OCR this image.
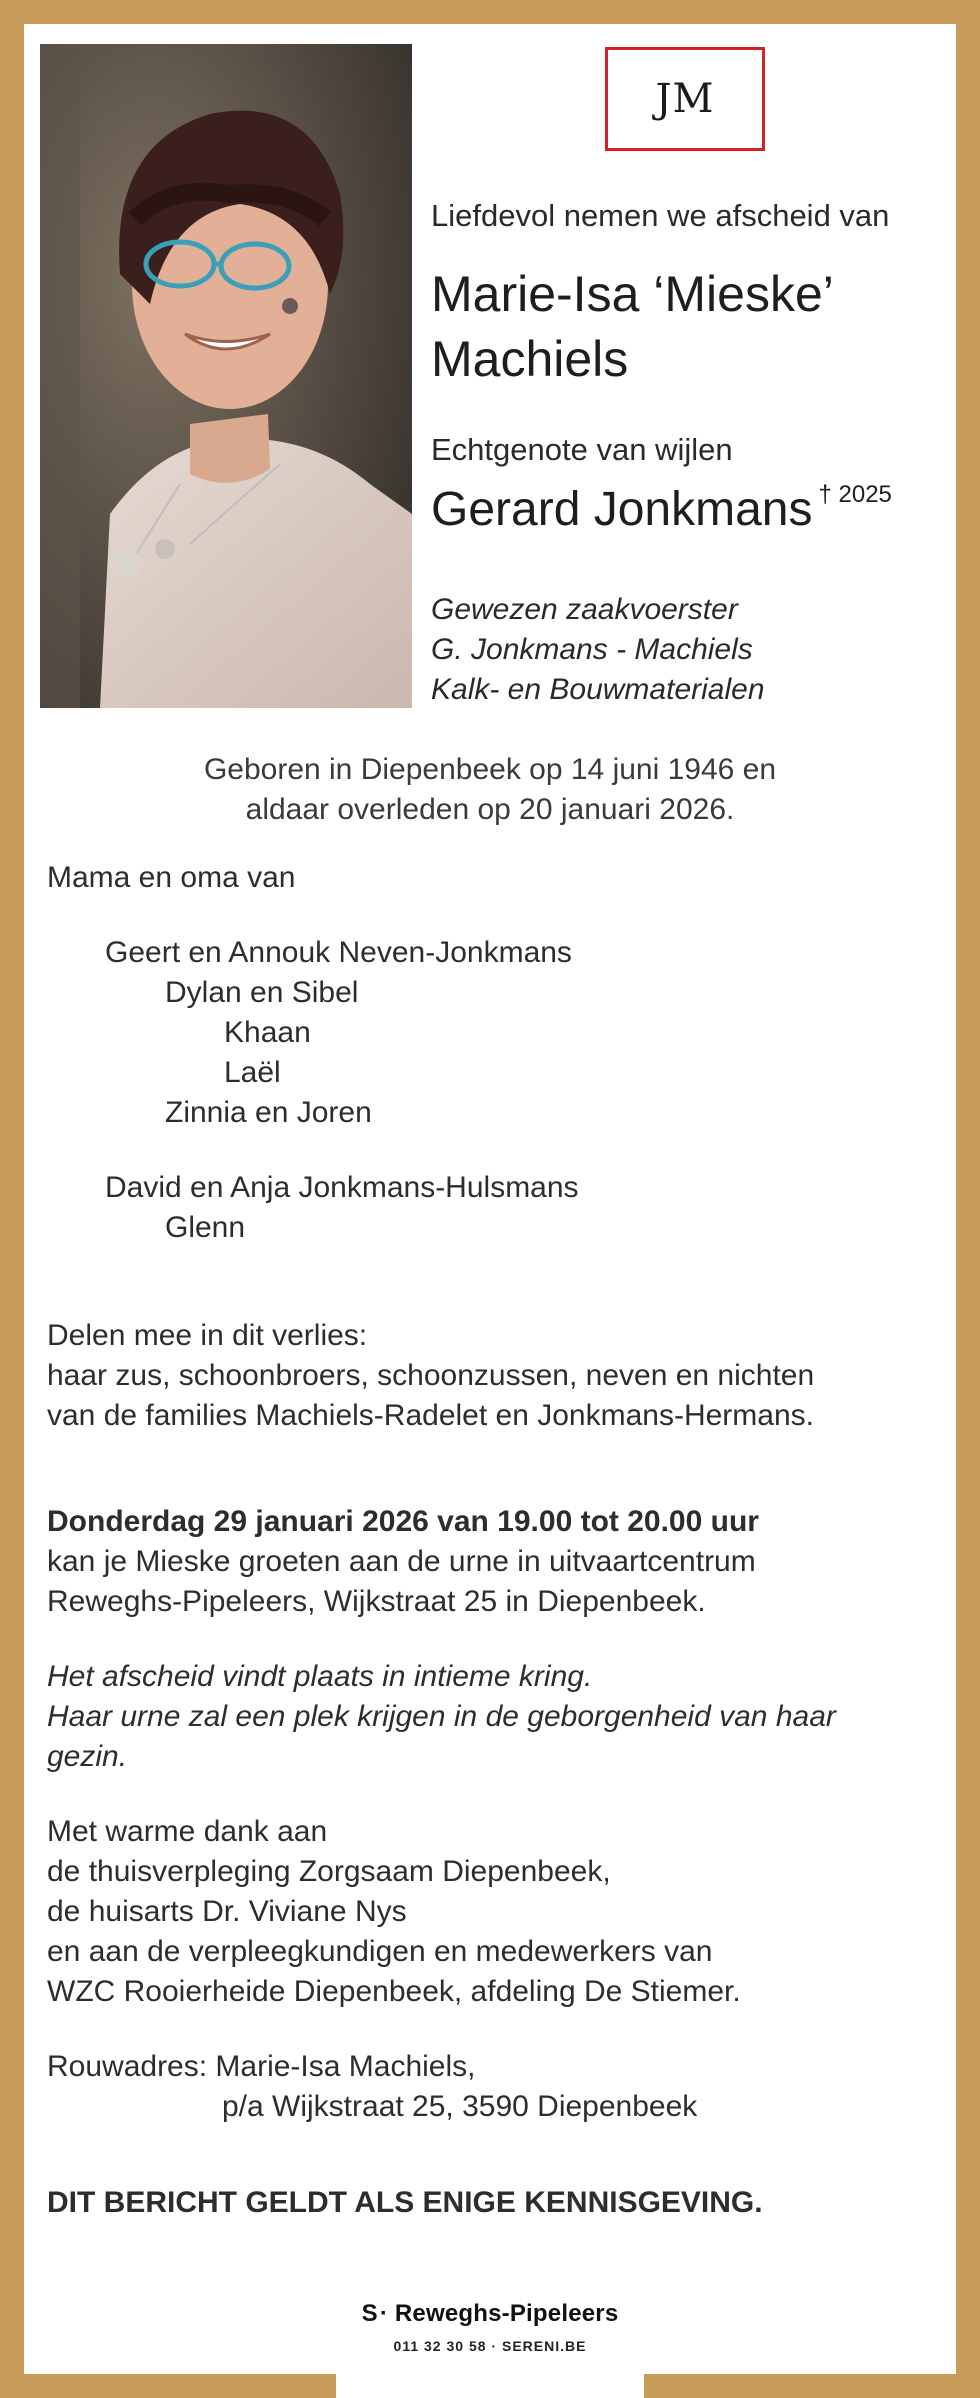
JM
Liefdevol nemen we afscheid van
Marie-Isa ‘Mieske’
Machiels
Echtgenote van wijlen
Gerard Jonkmans $^{\dagger 2025}$
Gewezen zaakvoerster
G. Jonkmans - Machiels
Kalk- en Bouwmaterialen
Geboren in Diepenbeek op 14 juni 1946 en
aldaar overleden op 20 januari 2026.
Mama en oma van
Geert en Annouk Neven-Jonkmans
Dylan en Sibel
Khaan
Laël
Zinnia en Joren
David en Anja Jonkmans-Hulsmans
Glenn
Delen mee in dit verlies:
haar zus, schoonbroers, schoonzussen, neven en nichten
van de families Machiels-Radelet en Jonkmans-Hermans.
Donderdag 29 januari 2026 van 19.00 tot 20.00 uur
kan je Mieske groeten aan de urne in uitvaartcentrum
Reweghs-Pipeleers, Wijkstraat 25 in Diepenbeek.
Het afscheid vindt plaats in intieme kring.
Haar urne zal een plek krijgen in de geborgenheid van haar
gezin.
Met warme dank aan
de thuisverpleging Zorgsaam Diepenbeek,
de huisarts Dr. Viviane Nys
en aan de verpleegkundigen en medewerkers van
WZC Rooierheide Diepenbeek, afdeling De Stiemer.
Rouwadres: Marie-Isa Machiels,
p/a Wijkstraat 25, 3590 Diepenbeek
DIT BERICHT GELDT ALS ENIGE KENNISGEVING.
S· Reweghs-Pipeleers
011 32 30 58 · SERENI.BE
